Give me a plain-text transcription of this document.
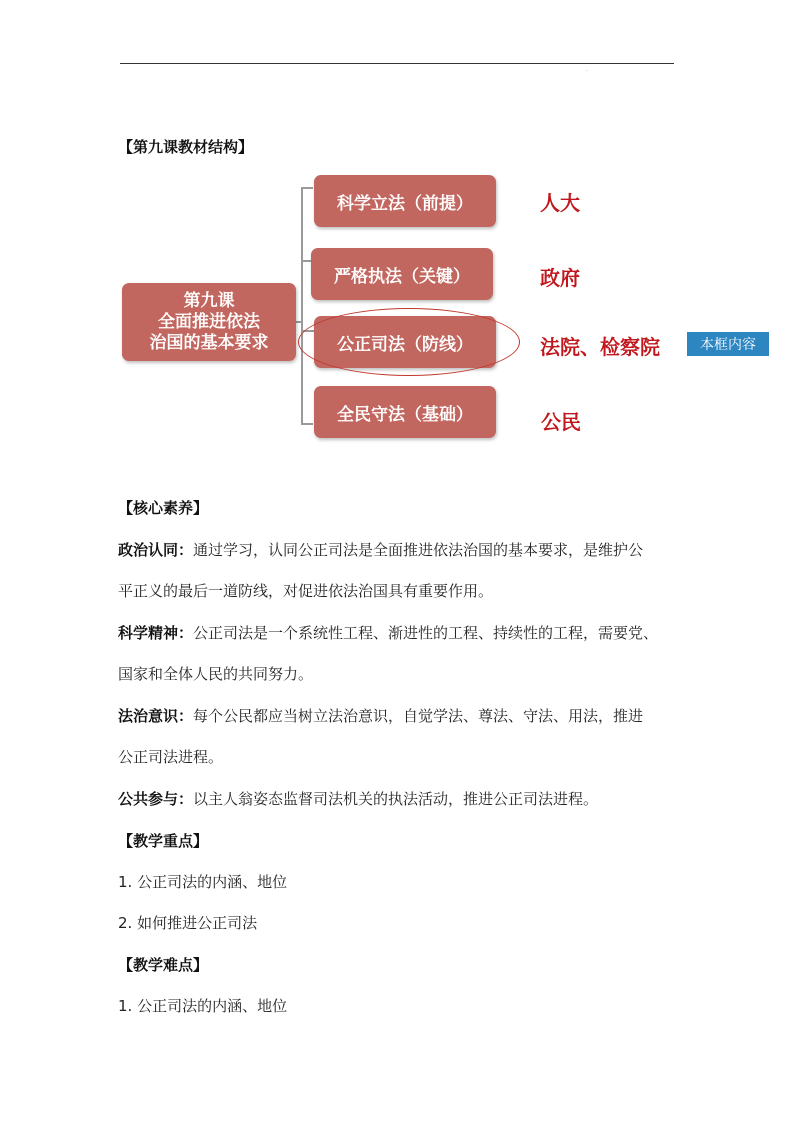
·
【第九课教材结构】
第九课
全面推进依法
治国的基本要求
科学立法（前提）
严格执法（关键）
公正司法（防线）
全民守法（基础）
人大
政府
法院、检察院
公民
本框内容
【核心素养】
政治认同：通过学习，认同公正司法是全面推进依法治国的基本要求，是维护公
平正义的最后一道防线，对促进依法治国具有重要作用。
科学精神：公正司法是一个系统性工程、渐进性的工程、持续性的工程，需要党、
国家和全体人民的共同努力。
法治意识：每个公民都应当树立法治意识，自觉学法、尊法、守法、用法，推进
公正司法进程。
公共参与：以主人翁姿态监督司法机关的执法活动，推进公正司法进程。
【教学重点】
1. 公正司法的内涵、地位
2. 如何推进公正司法
【教学难点】
1. 公正司法的内涵、地位
